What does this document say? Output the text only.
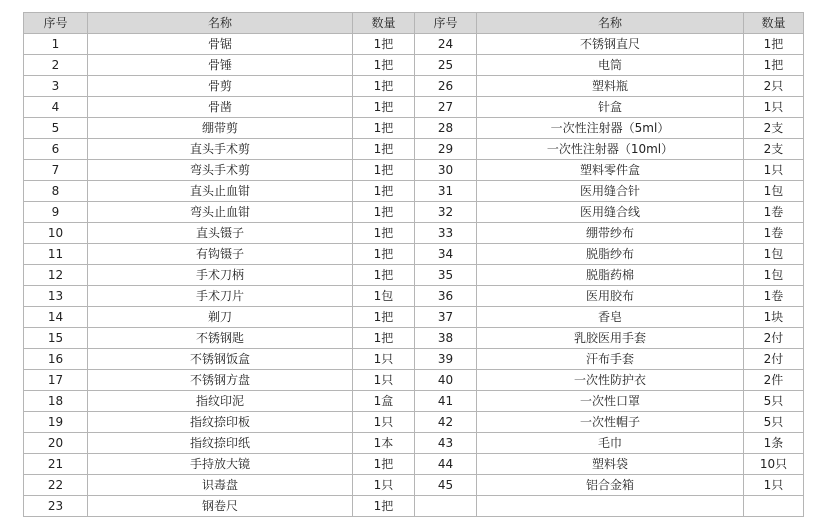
序号	名称	数量	序号	名称	数量
1	骨锯	1把	24	不锈钢直尺	1把
2	骨锤	1把	25	电筒	1把
3	骨剪	1把	26	塑料瓶	2只
4	骨凿	1把	27	针盒	1只
5	绷带剪	1把	28	一次性注射器（5ml）	2支
6	直头手术剪	1把	29	一次性注射器（10ml）	2支
7	弯头手术剪	1把	30	塑料零件盒	1只
8	直头止血钳	1把	31	医用缝合针	1包
9	弯头止血钳	1把	32	医用缝合线	1卷
10	直头镊子	1把	33	绷带纱布	1卷
11	有钩镊子	1把	34	脱脂纱布	1包
12	手术刀柄	1把	35	脱脂药棉	1包
13	手术刀片	1包	36	医用胶布	1卷
14	剃刀	1把	37	香皂	1块
15	不锈钢匙	1把	38	乳胶医用手套	2付
16	不锈钢饭盒	1只	39	汗布手套	2付
17	不锈钢方盘	1只	40	一次性防护衣	2件
18	指纹印泥	1盒	41	一次性口罩	5只
19	指纹捺印板	1只	42	一次性帽子	5只
20	指纹捺印纸	1本	43	毛巾	1条
21	手持放大镜	1把	44	塑料袋	10只
22	识毒盘	1只	45	铝合金箱	1只
23	钢卷尺	1把			
